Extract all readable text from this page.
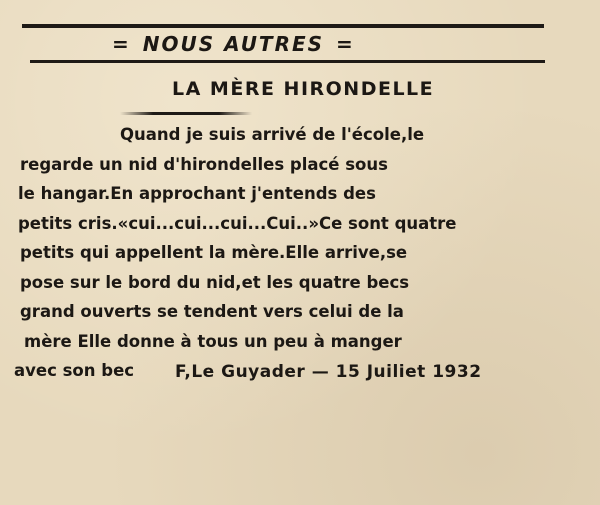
= NOUS AUTRES =
LA MÈRE HIRONDELLE
Quand je suis arrivé de l'école,le
regarde un nid d'hirondelles placé sous
le hangar.En approchant j'entends des
petits cris.«cui...cui...cui...Cui..»Ce sont quatre
petits qui appellent la mère.Elle arrive,se
pose sur le bord du nid,et les quatre becs
grand ouverts se tendent vers celui de la
mère Elle donne à tous un peu à manger
avec son bec	F,Le Guyader — 15 Juiliet 1932
